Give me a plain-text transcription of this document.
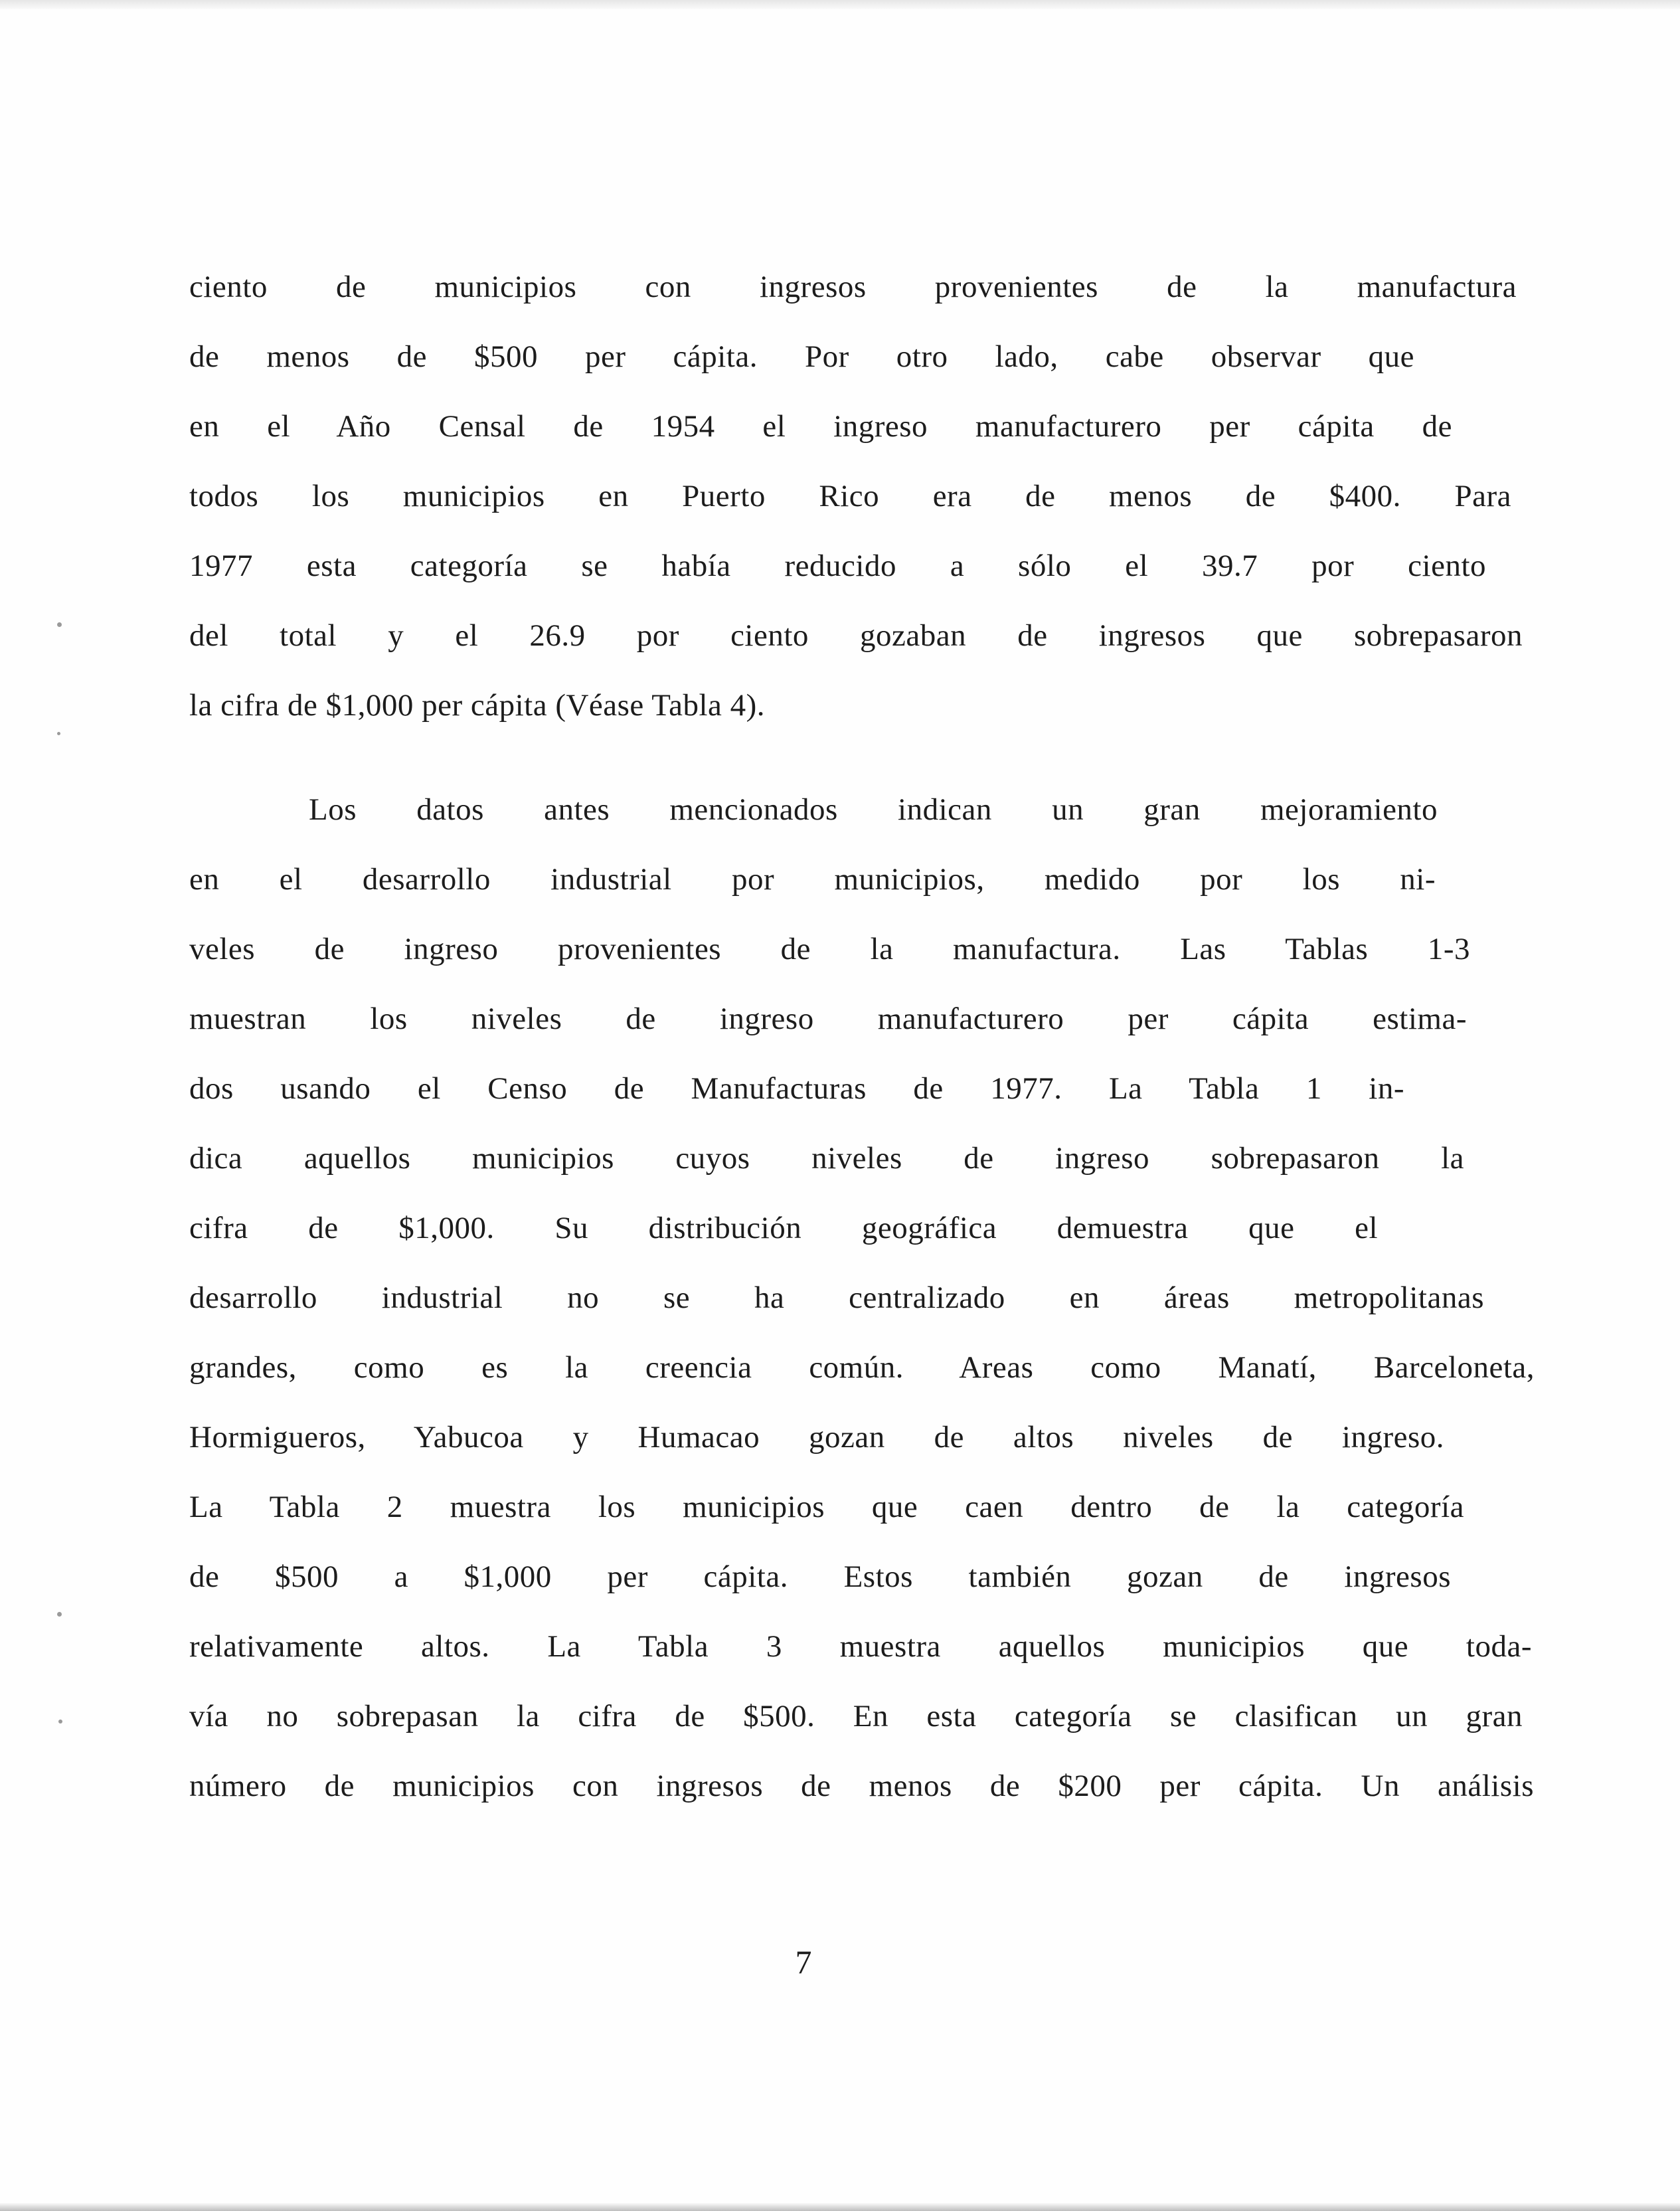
ciento de municipios con ingresos provenientes de la manufactura
de menos de $500 per cápita. Por otro lado, cabe observar que
en el Año Censal de 1954 el ingreso manufacturero per cápita de
todos los municipios en Puerto Rico era de menos de $400. Para
1977 esta categoría se había reducido a sólo el 39.7 por ciento
del total y el 26.9 por ciento gozaban de ingresos que sobrepasaron
la cifra de $1,000 per cápita (Véase Tabla 4).
Los datos antes mencionados indican un gran mejoramiento
en el desarrollo industrial por municipios, medido por los ni-
veles de ingreso provenientes de la manufactura. Las Tablas 1-3
muestran los niveles de ingreso manufacturero per cápita estima-
dos usando el Censo de Manufacturas de 1977. La Tabla 1 in-
dica aquellos municipios cuyos niveles de ingreso sobrepasaron la
cifra de $1,000. Su distribución geográfica demuestra que el
desarrollo industrial no se ha centralizado en áreas metropolitanas
grandes, como es la creencia común. Areas como Manatí, Barceloneta,
Hormigueros, Yabucoa y Humacao gozan de altos niveles de ingreso.
La Tabla 2 muestra los municipios que caen dentro de la categoría
de $500 a $1,000 per cápita. Estos también gozan de ingresos
relativamente altos. La Tabla 3 muestra aquellos municipios que toda-
vía no sobrepasan la cifra de $500. En esta categoría se clasifican un gran
número de municipios con ingresos de menos de $200 per cápita. Un análisis
7
